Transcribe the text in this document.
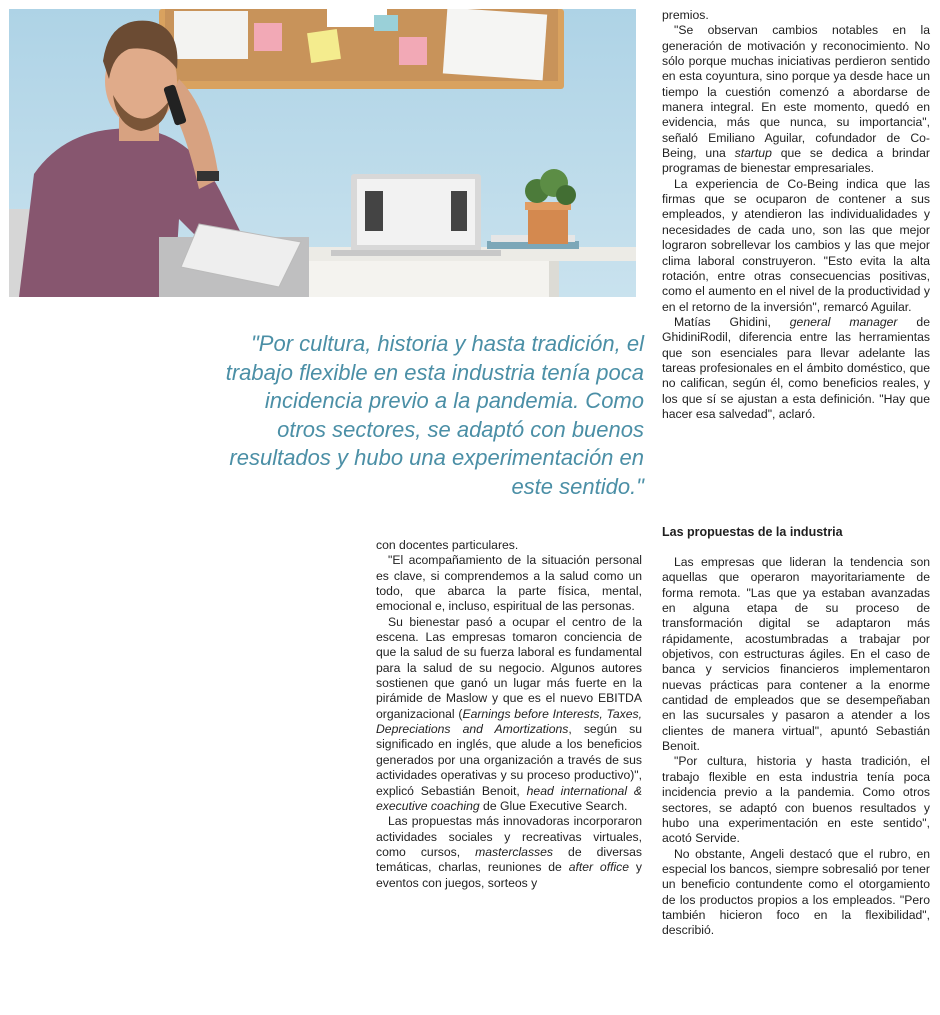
"Por cultura, historia y hasta tradición, el trabajo flexible en esta industria tenía poca incidencia previo a la pandemia. Como otros sectores, se adaptó con buenos resultados y hubo una experimentación en este sentido."

premios.

"Se observan cambios notables en la generación de motivación y reconocimiento. No sólo porque muchas iniciativas perdieron sentido en esta coyuntura, sino porque ya desde hace un tiempo la cuestión comenzó a abordarse de manera integral. En este momento, quedó en evidencia, más que nunca, su importancia", señaló Emiliano Aguilar, cofundador de Co-Being, una startup que se dedica a brindar programas de bienestar empresariales.

La experiencia de Co-Being indica que las firmas que se ocuparon de contener a sus empleados, y atendieron las individualidades y necesidades de cada uno, son las que mejor lograron sobrellevar los cambios y las que mejor clima laboral construyeron. "Esto evita la alta rotación, entre otras consecuencias positivas, como el aumento en el nivel de la productividad y en el retorno de la inversión", remarcó Aguilar.

Matías Ghidini, general manager de GhidiniRodil, diferencia entre las herramientas que son esenciales para llevar adelante las tareas profesionales en el ámbito doméstico, que no califican, según él, como beneficios reales, y los que sí se ajustan a esta definición. "Hay que hacer esa salvedad", aclaró.

con docentes particulares.

"El acompañamiento de la situación personal es clave, si comprendemos a la salud como un todo, que abarca la parte física, mental, emocional e, incluso, espiritual de las personas.

Su bienestar pasó a ocupar el centro de la escena. Las empresas tomaron conciencia de que la salud de su fuerza laboral es fundamental para la salud de su negocio. Algunos autores sostienen que ganó un lugar más fuerte en la pirámide de Maslow y que es el nuevo EBITDA organizacional (Earnings before Interests, Taxes, Depreciations and Amortizations, según su significado en inglés, que alude a los beneficios generados por una organización a través de sus actividades operativas y su proceso productivo)", explicó Sebastián Benoit, head international & executive coaching de Glue Executive Search.

Las propuestas más innovadoras incorporaron actividades sociales y recreativas virtuales, como cursos, masterclasses de diversas temáticas, charlas, reuniones de after office y eventos con juegos, sorteos y

Las propuestas de la industria

Las empresas que lideran la tendencia son aquellas que operaron mayoritariamente de forma remota. "Las que ya estaban avanzadas en alguna etapa de su proceso de transformación digital se adaptaron más rápidamente, acostumbradas a trabajar por objetivos, con estructuras ágiles. En el caso de banca y servicios financieros implementaron nuevas prácticas para contener a la enorme cantidad de empleados que se desempeñaban en las sucursales y pasaron a atender a los clientes de manera virtual", apuntó Sebastián Benoit.

"Por cultura, historia y hasta tradición, el trabajo flexible en esta industria tenía poca incidencia previo a la pandemia. Como otros sectores, se adaptó con buenos resultados y hubo una experimentación en este sentido", acotó Servide.

No obstante, Angeli destacó que el rubro, en especial los bancos, siempre sobresalió por tener un beneficio contundente como el otorgamiento de los productos propios a los empleados. "Pero también hicieron foco en la flexibilidad", describió.
